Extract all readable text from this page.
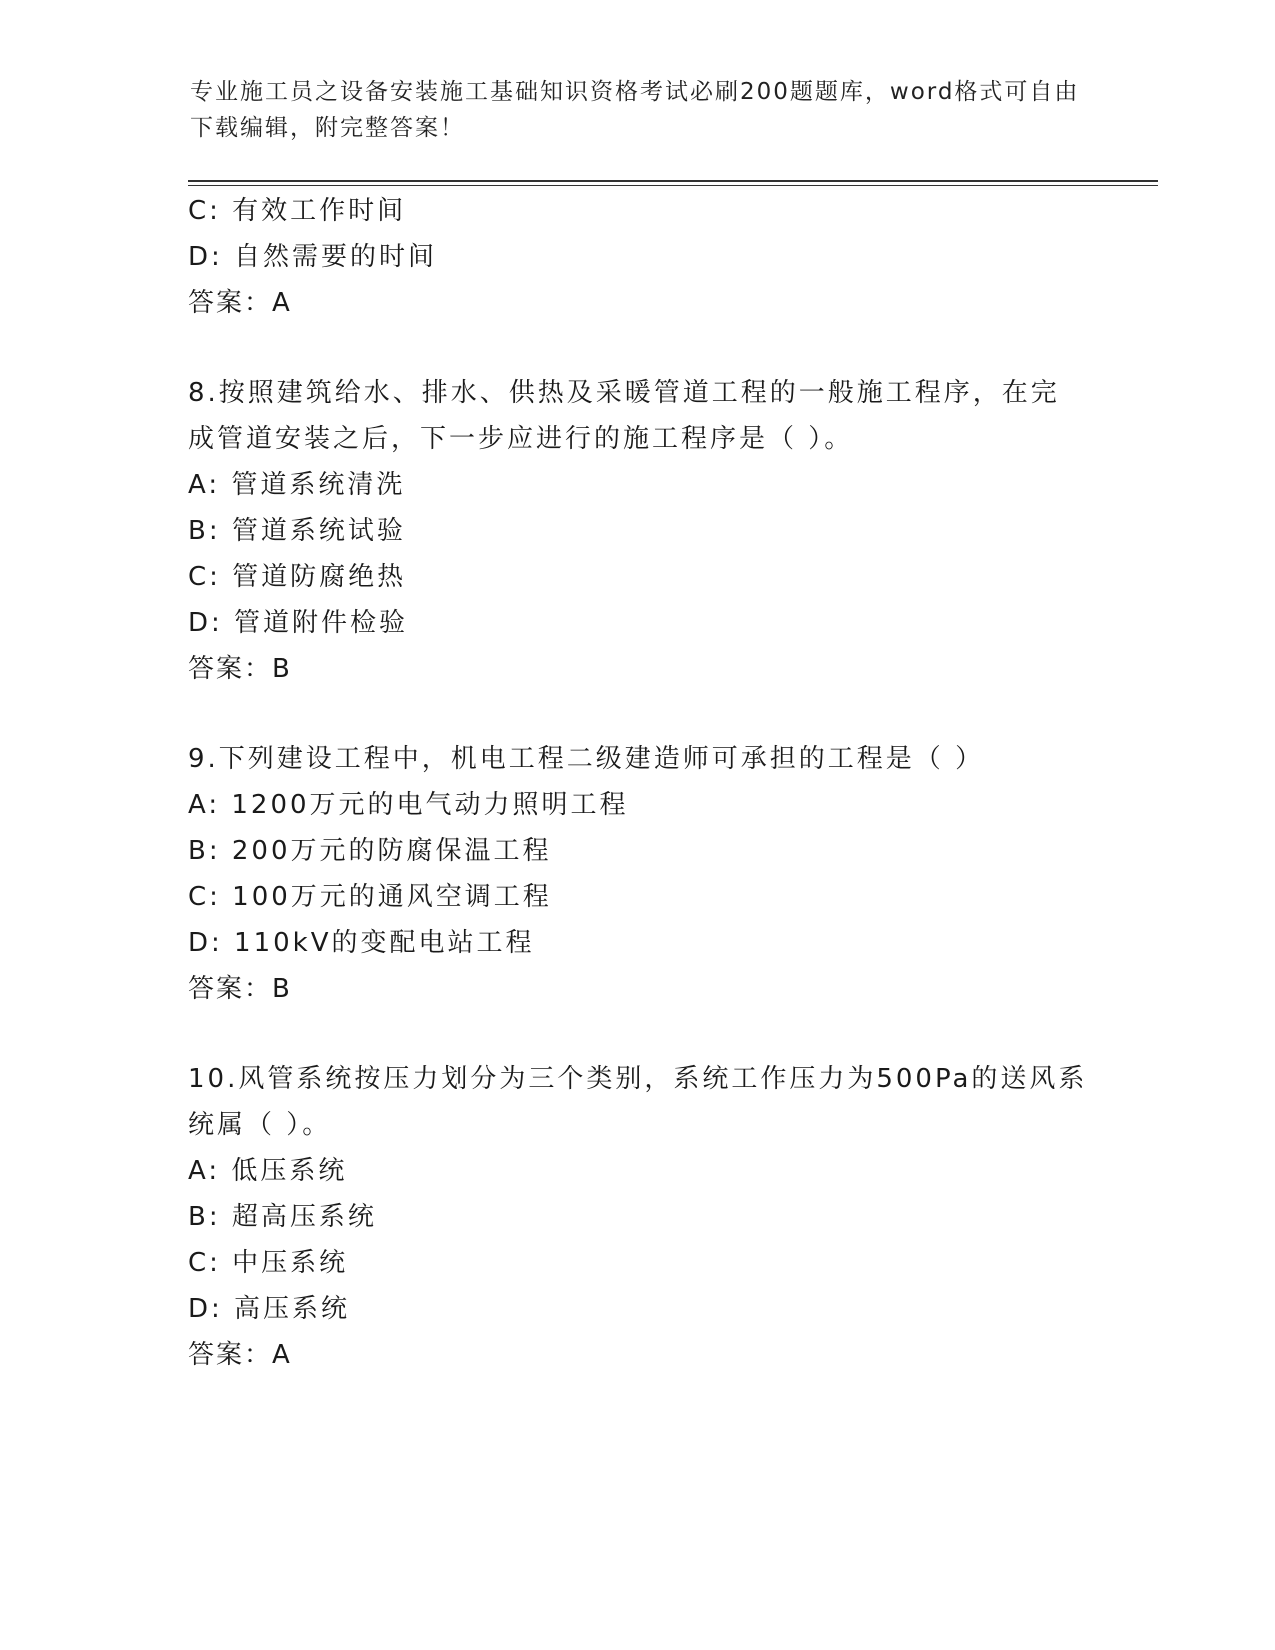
专业施工员之设备安装施工基础知识资格考试必刷200题题库，word格式可自由
下载编辑，附完整答案！
C: 有效工作时间
D: 自然需要的时间
答案：A
8.按照建筑给水、排水、供热及采暖管道工程的一般施工程序，在完
成管道安装之后，下一步应进行的施工程序是（ ）。
A: 管道系统清洗
B: 管道系统试验
C: 管道防腐绝热
D: 管道附件检验
答案：B
9.下列建设工程中，机电工程二级建造师可承担的工程是（ ）
A: 1200万元的电气动力照明工程
B: 200万元的防腐保温工程
C: 100万元的通风空调工程
D: 110kV的变配电站工程
答案：B
10.风管系统按压力划分为三个类别，系统工作压力为500Pa的送风系
统属（ ）。
A: 低压系统
B: 超高压系统
C: 中压系统
D: 高压系统
答案：A
